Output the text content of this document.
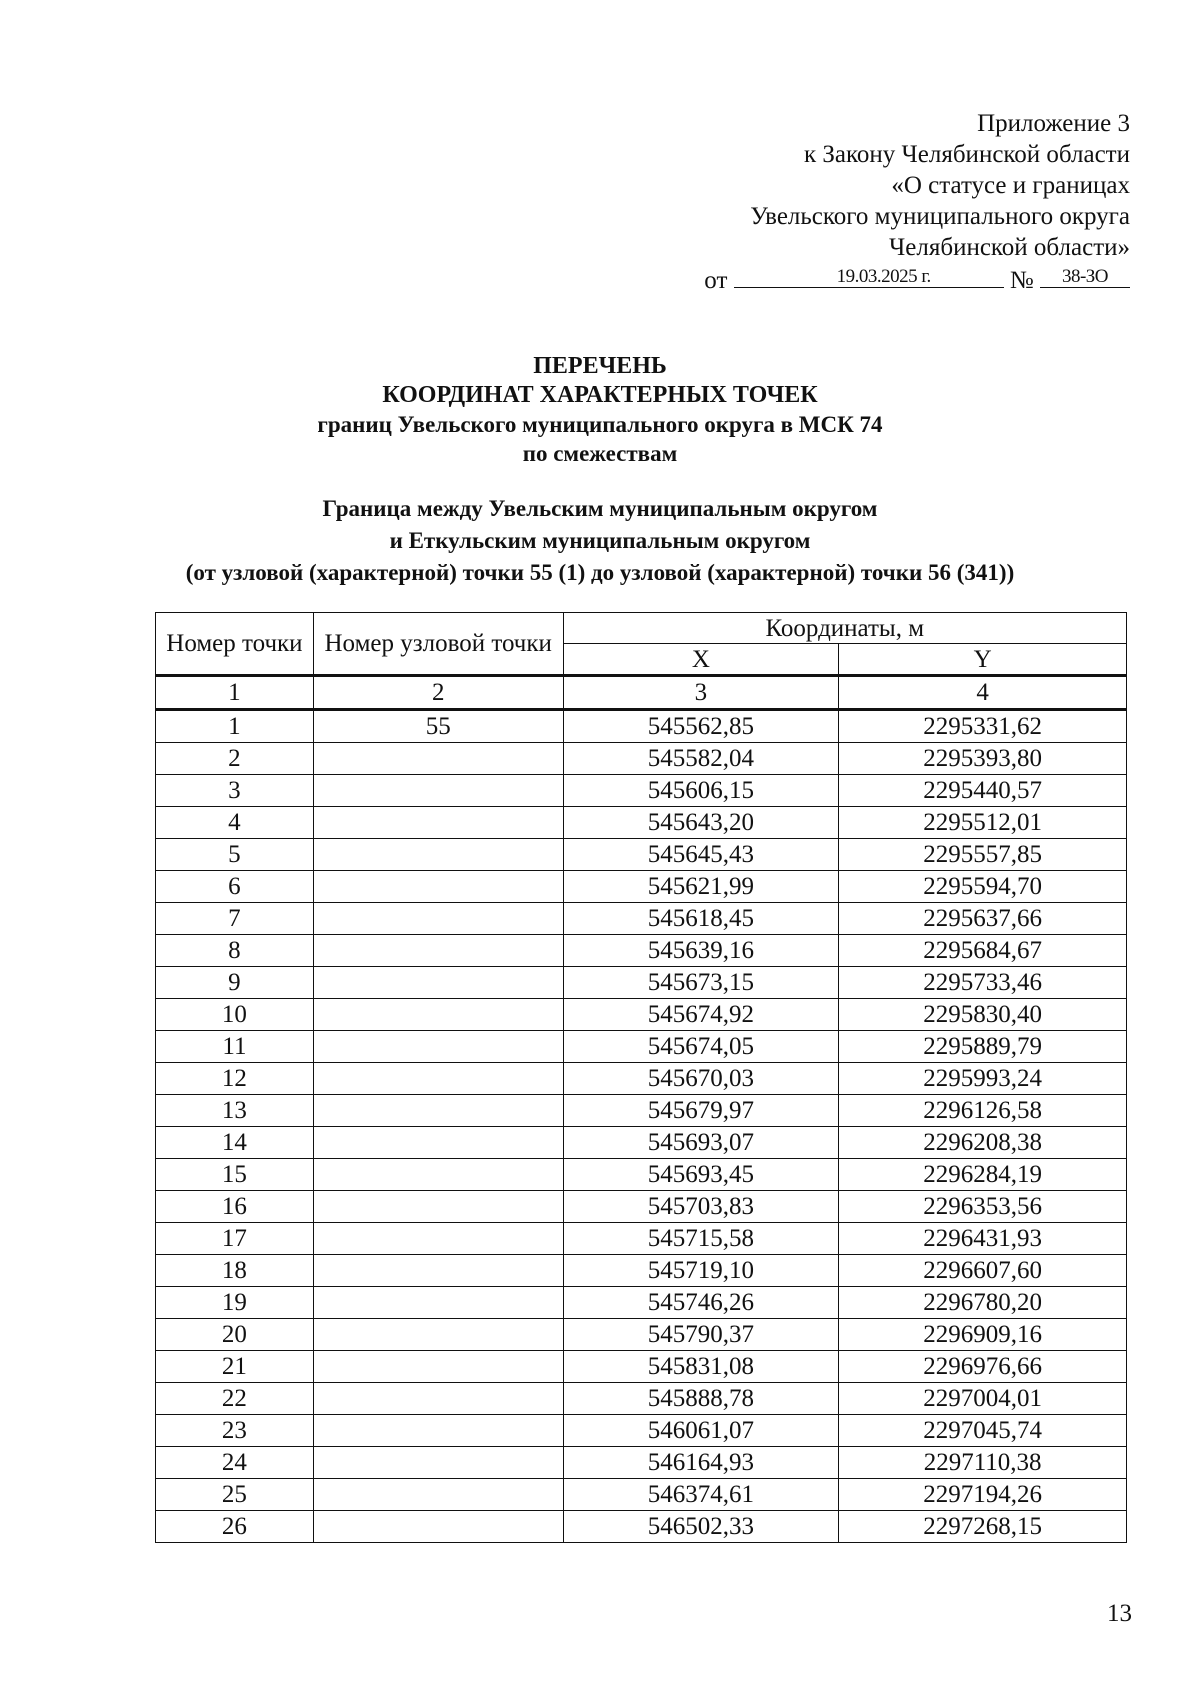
Приложение 3
к Закону Челябинской области
«О статусе и границах
Увельского муниципального округа
Челябинской области»
от	19.03.2025 г.	№ 38-ЗО
ПЕРЕЧЕНЬ
КООРДИНАТ ХАРАКТЕРНЫХ ТОЧЕК
границ Увельского муниципального округа в МСК 74
по смежествам
Граница между Увельским муниципальным округом
и Еткульским муниципальным округом
(от узловой (характерной) точки 55 (1) до узловой (характерной) точки 56 (341))
Номер точки	Номер узловой точки	Координаты, м	
		X	Y
1	2	3	4
1	55	545562,85	2295331,62
2		545582,04	2295393,80
3		545606,15	2295440,57
4		545643,20	2295512,01
5		545645,43	2295557,85
6		545621,99	2295594,70
7		545618,45	2295637,66
8		545639,16	2295684,67
9		545673,15	2295733,46
10		545674,92	2295830,40
11		545674,05	2295889,79
12		545670,03	2295993,24
13		545679,97	2296126,58
14		545693,07	2296208,38
15		545693,45	2296284,19
16		545703,83	2296353,56
17		545715,58	2296431,93
18		545719,10	2296607,60
19		545746,26	2296780,20
20		545790,37	2296909,16
21		545831,08	2296976,66
22		545888,78	2297004,01
23		546061,07	2297045,74
24		546164,93	2297110,38
25		546374,61	2297194,26
26		546502,33	2297268,15
13
